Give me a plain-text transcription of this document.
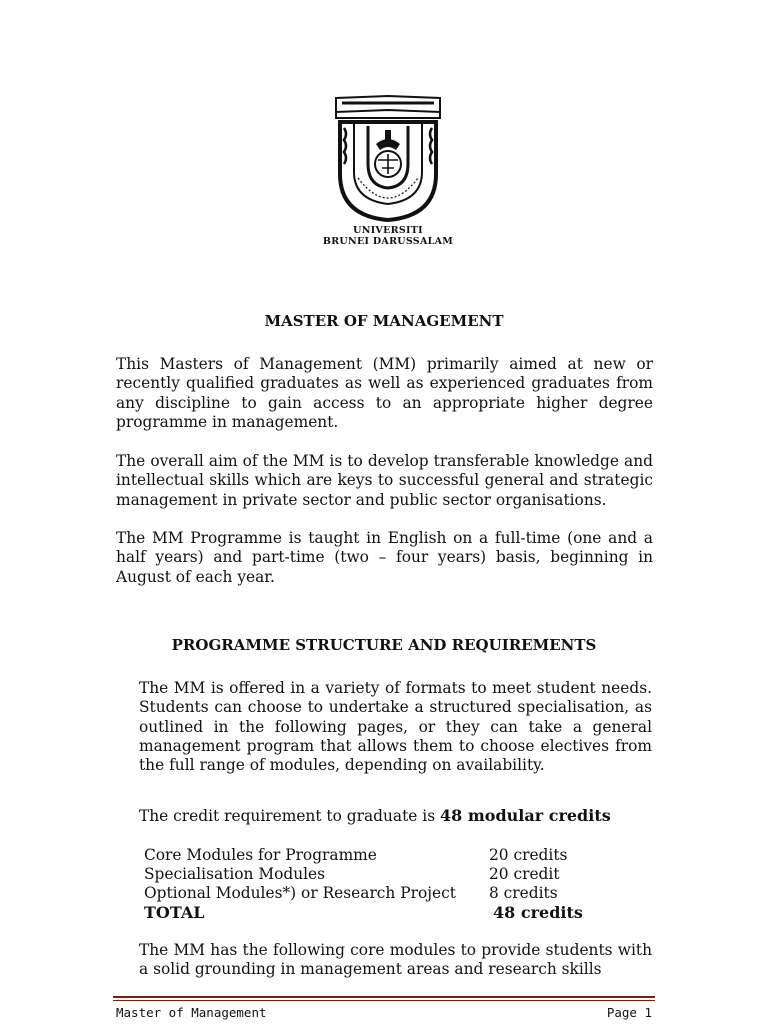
UNIVERSITI
BRUNEI DARUSSALAM
MASTER OF MANAGEMENT

This Masters of Management (MM) primarily aimed at new or recently qualified graduates as well as experienced graduates from any discipline to gain access to an appropriate higher degree programme in management.

The overall aim of the MM is to develop transferable knowledge and intellectual skills which are keys to successful general and strategic management in private sector and public sector organisations.

The MM Programme is taught in English on a full-time (one and a half years) and part-time (two – four years) basis, beginning in August of each year.

PROGRAMME STRUCTURE AND REQUIREMENTS

The MM is offered in a variety of formats to meet student needs. Students can choose to undertake a structured specialisation, as outlined in the following pages, or they can take a general management program that allows them to choose electives from the full range of modules, depending on availability.

The credit requirement to graduate is 48 modular credits
Core Modules for Programme	20 credits
Specialisation Modules	20 credit
Optional Modules*) or Research Project 8 credits
TOTAL	48 credits

The MM has the following core modules to provide students with a solid grounding in management areas and research skills

Master of Management	Page 1
